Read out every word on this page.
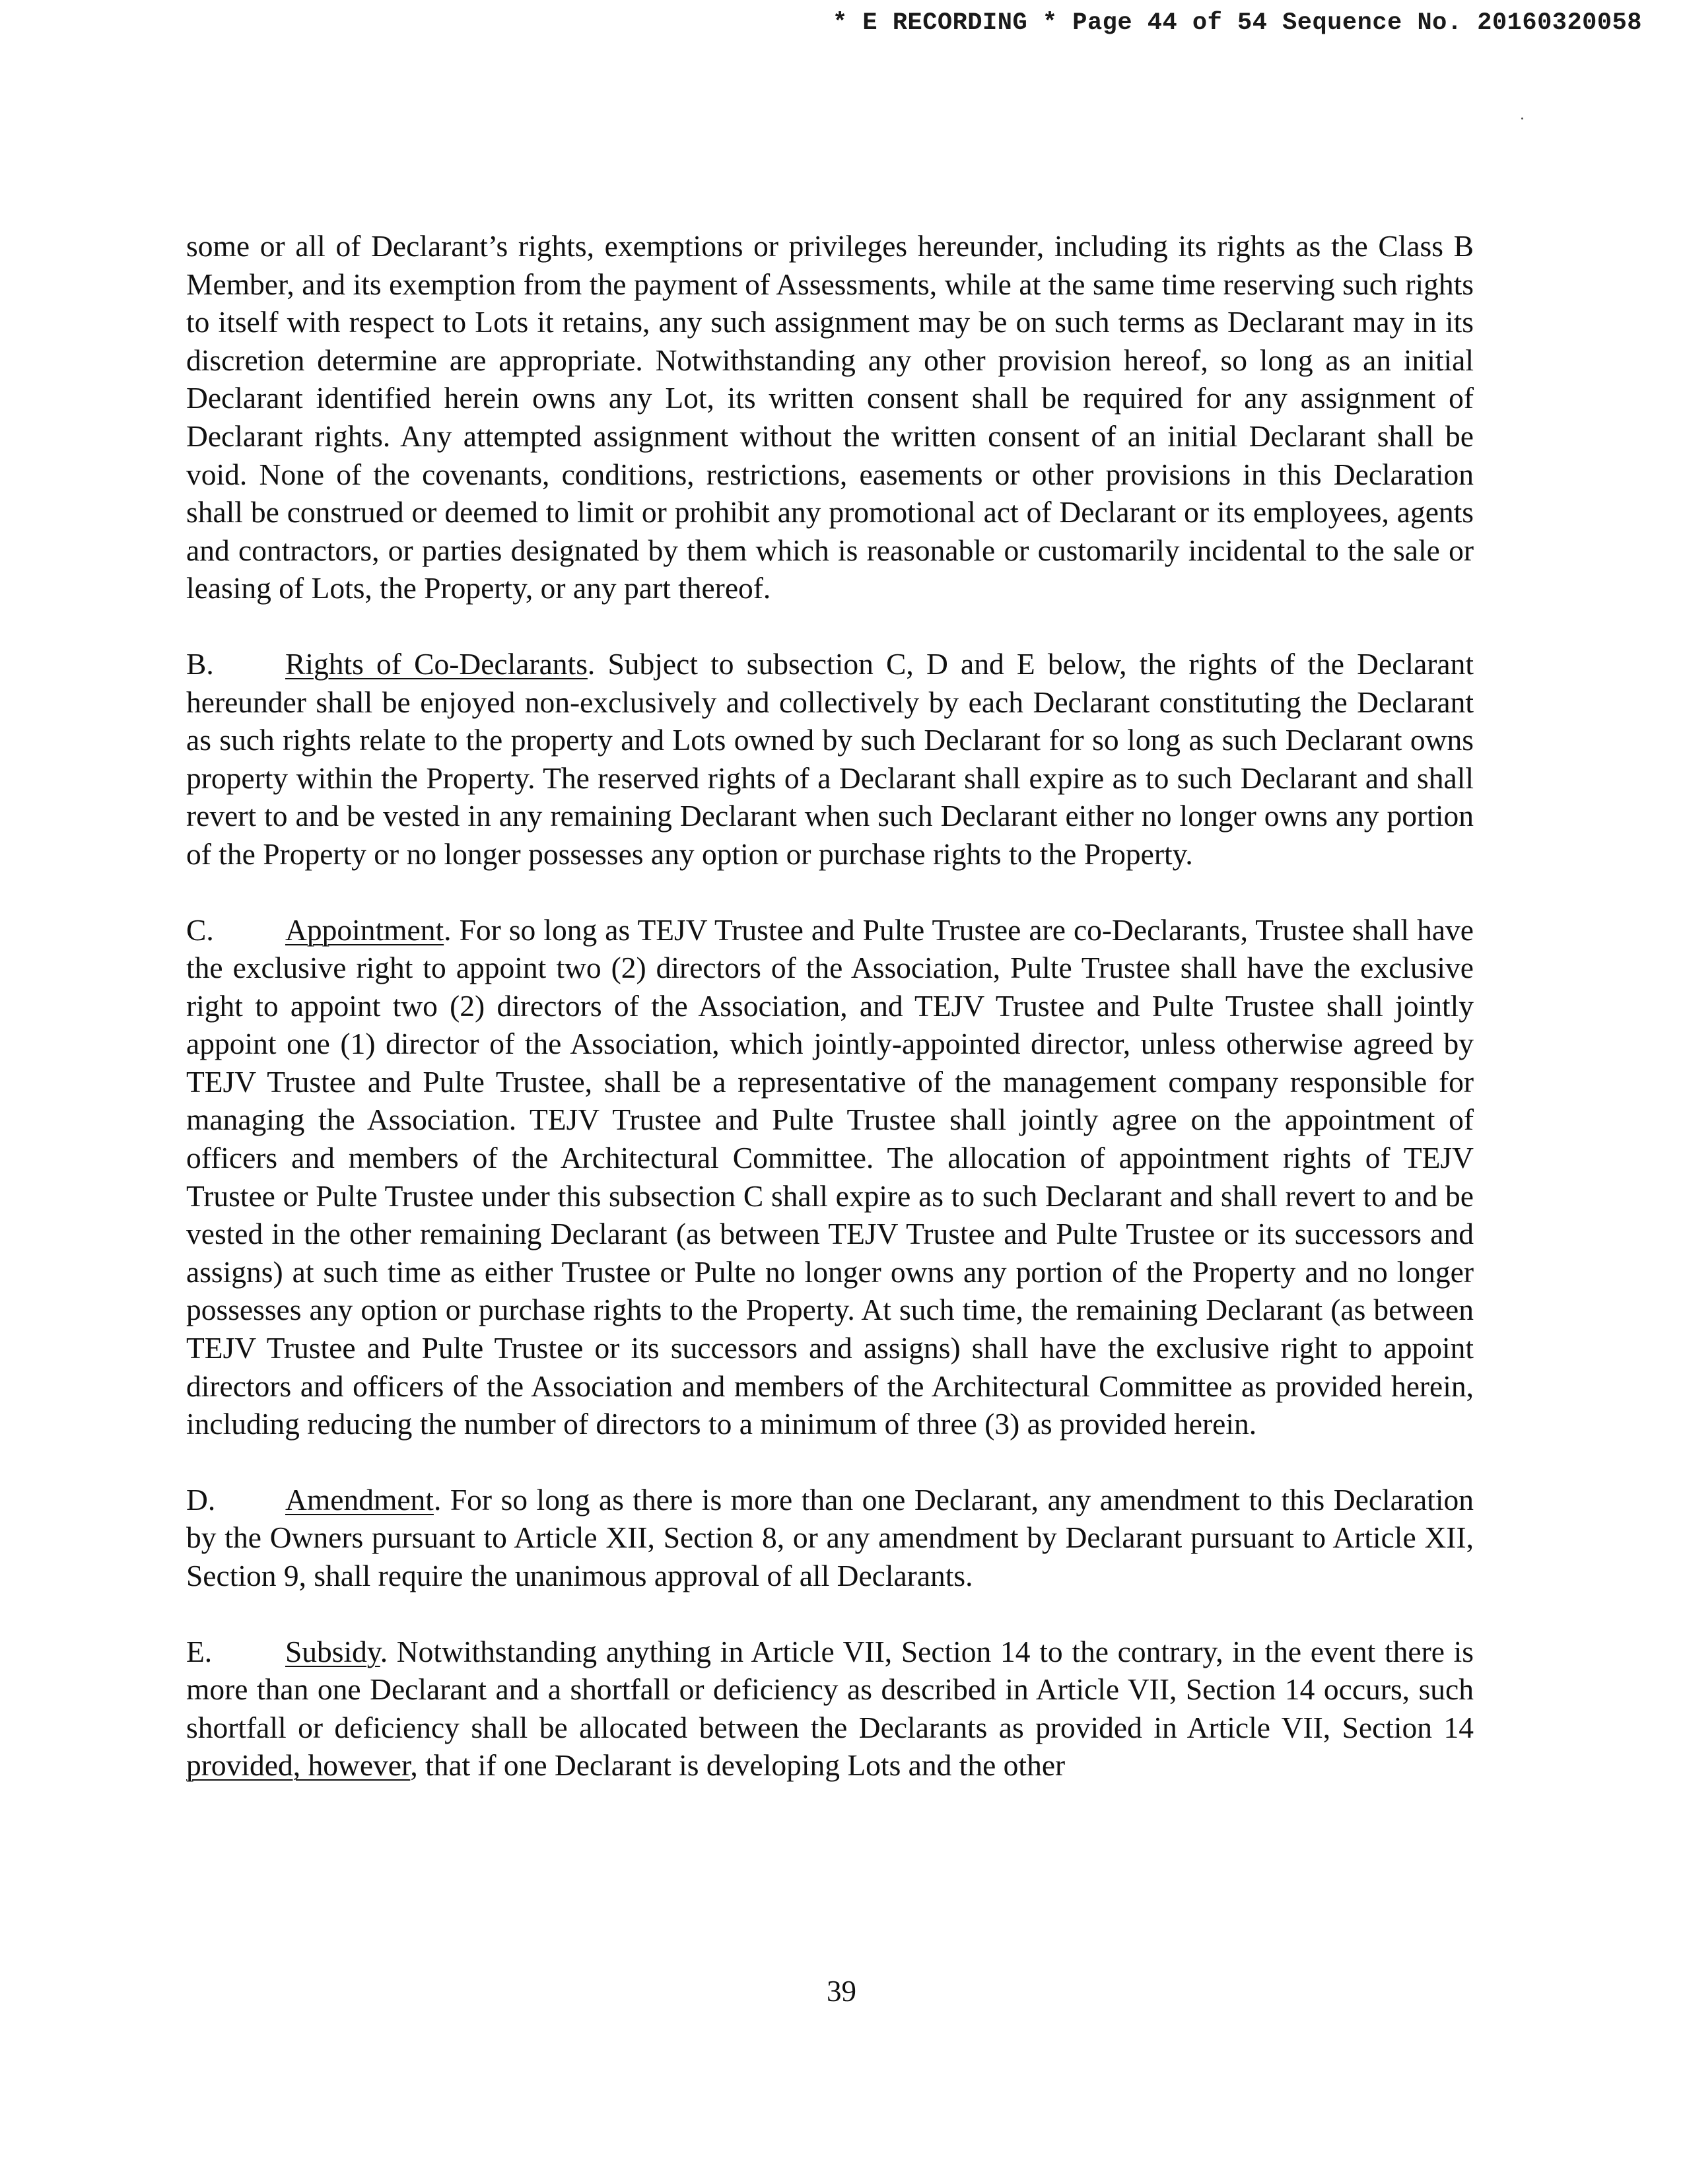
* E RECORDING * Page 44 of 54 Sequence No. 20160320058

some or all of Declarant’s rights, exemptions or privileges hereunder, including its rights as the Class B Member, and its exemption from the payment of Assessments, while at the same time reserving such rights to itself with respect to Lots it retains, any such assignment may be on such terms as Declarant may in its discretion determine are appropriate. Notwithstanding any other provision hereof, so long as an initial Declarant identified herein owns any Lot, its written consent shall be required for any assignment of Declarant rights. Any attempted assignment without the written consent of an initial Declarant shall be void. None of the covenants, conditions, restrictions, easements or other provisions in this Declaration shall be construed or deemed to limit or prohibit any promotional act of Declarant or its employees, agents and contractors, or parties designated by them which is reasonable or customarily incidental to the sale or leasing of Lots, the Property, or any part thereof.

B. Rights of Co-Declarants. Subject to subsection C, D and E below, the rights of the Declarant hereunder shall be enjoyed non-exclusively and collectively by each Declarant constituting the Declarant as such rights relate to the property and Lots owned by such Declarant for so long as such Declarant owns property within the Property. The reserved rights of a Declarant shall expire as to such Declarant and shall revert to and be vested in any remaining Declarant when such Declarant either no longer owns any portion of the Property or no longer possesses any option or purchase rights to the Property.

C. Appointment. For so long as TEJV Trustee and Pulte Trustee are co-Declarants, Trustee shall have the exclusive right to appoint two (2) directors of the Association, Pulte Trustee shall have the exclusive right to appoint two (2) directors of the Association, and TEJV Trustee and Pulte Trustee shall jointly appoint one (1) director of the Association, which jointly-appointed director, unless otherwise agreed by TEJV Trustee and Pulte Trustee, shall be a representative of the management company responsible for managing the Association. TEJV Trustee and Pulte Trustee shall jointly agree on the appointment of officers and members of the Architectural Committee. The allocation of appointment rights of TEJV Trustee or Pulte Trustee under this subsection C shall expire as to such Declarant and shall revert to and be vested in the other remaining Declarant (as between TEJV Trustee and Pulte Trustee or its successors and assigns) at such time as either Trustee or Pulte no longer owns any portion of the Property and no longer possesses any option or purchase rights to the Property. At such time, the remaining Declarant (as between TEJV Trustee and Pulte Trustee or its successors and assigns) shall have the exclusive right to appoint directors and officers of the Association and members of the Architectural Committee as provided herein, including reducing the number of directors to a minimum of three (3) as provided herein.

D. Amendment. For so long as there is more than one Declarant, any amendment to this Declaration by the Owners pursuant to Article XII, Section 8, or any amendment by Declarant pursuant to Article XII, Section 9, shall require the unanimous approval of all Declarants.

E. Subsidy. Notwithstanding anything in Article VII, Section 14 to the contrary, in the event there is more than one Declarant and a shortfall or deficiency as described in Article VII, Section 14 occurs, such shortfall or deficiency shall be allocated between the Declarants as provided in Article VII, Section 14 provided, however, that if one Declarant is developing Lots and the other

39
